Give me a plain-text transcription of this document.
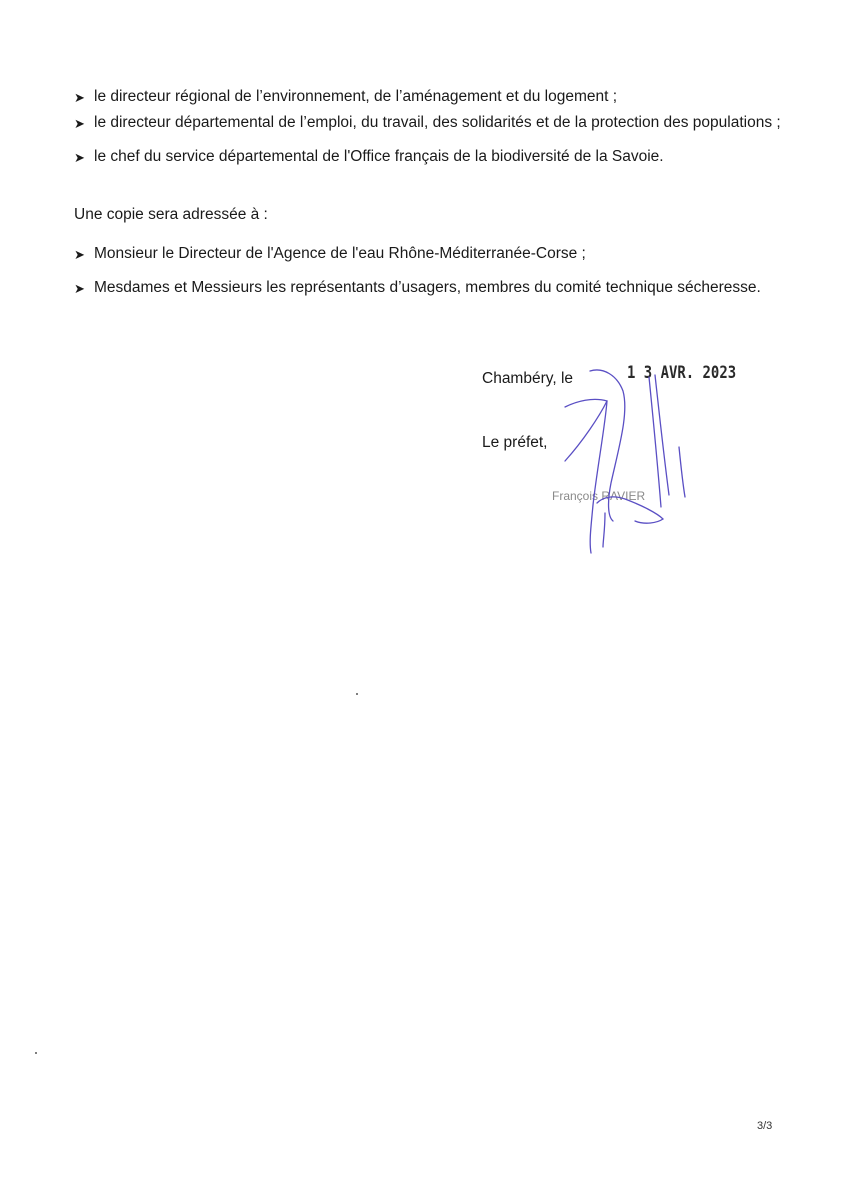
➤ le directeur régional de l’environnement, de l’aménagement et du logement ;
➤ le directeur départemental de l’emploi, du travail, des solidarités et de la protection des populations ;
➤ le chef du service départemental de l'Office français de la biodiversité de la Savoie.

Une copie sera adressée à :

➤ Monsieur le Directeur de l'Agence de l'eau Rhône-Méditerranée-Corse ;
➤ Mesdames et Messieurs les représentants d’usagers, membres du comité technique sécheresse.

Chambéry, le	1 3 AVR. 2023

Le préfet,

François RAVIER

3/3
